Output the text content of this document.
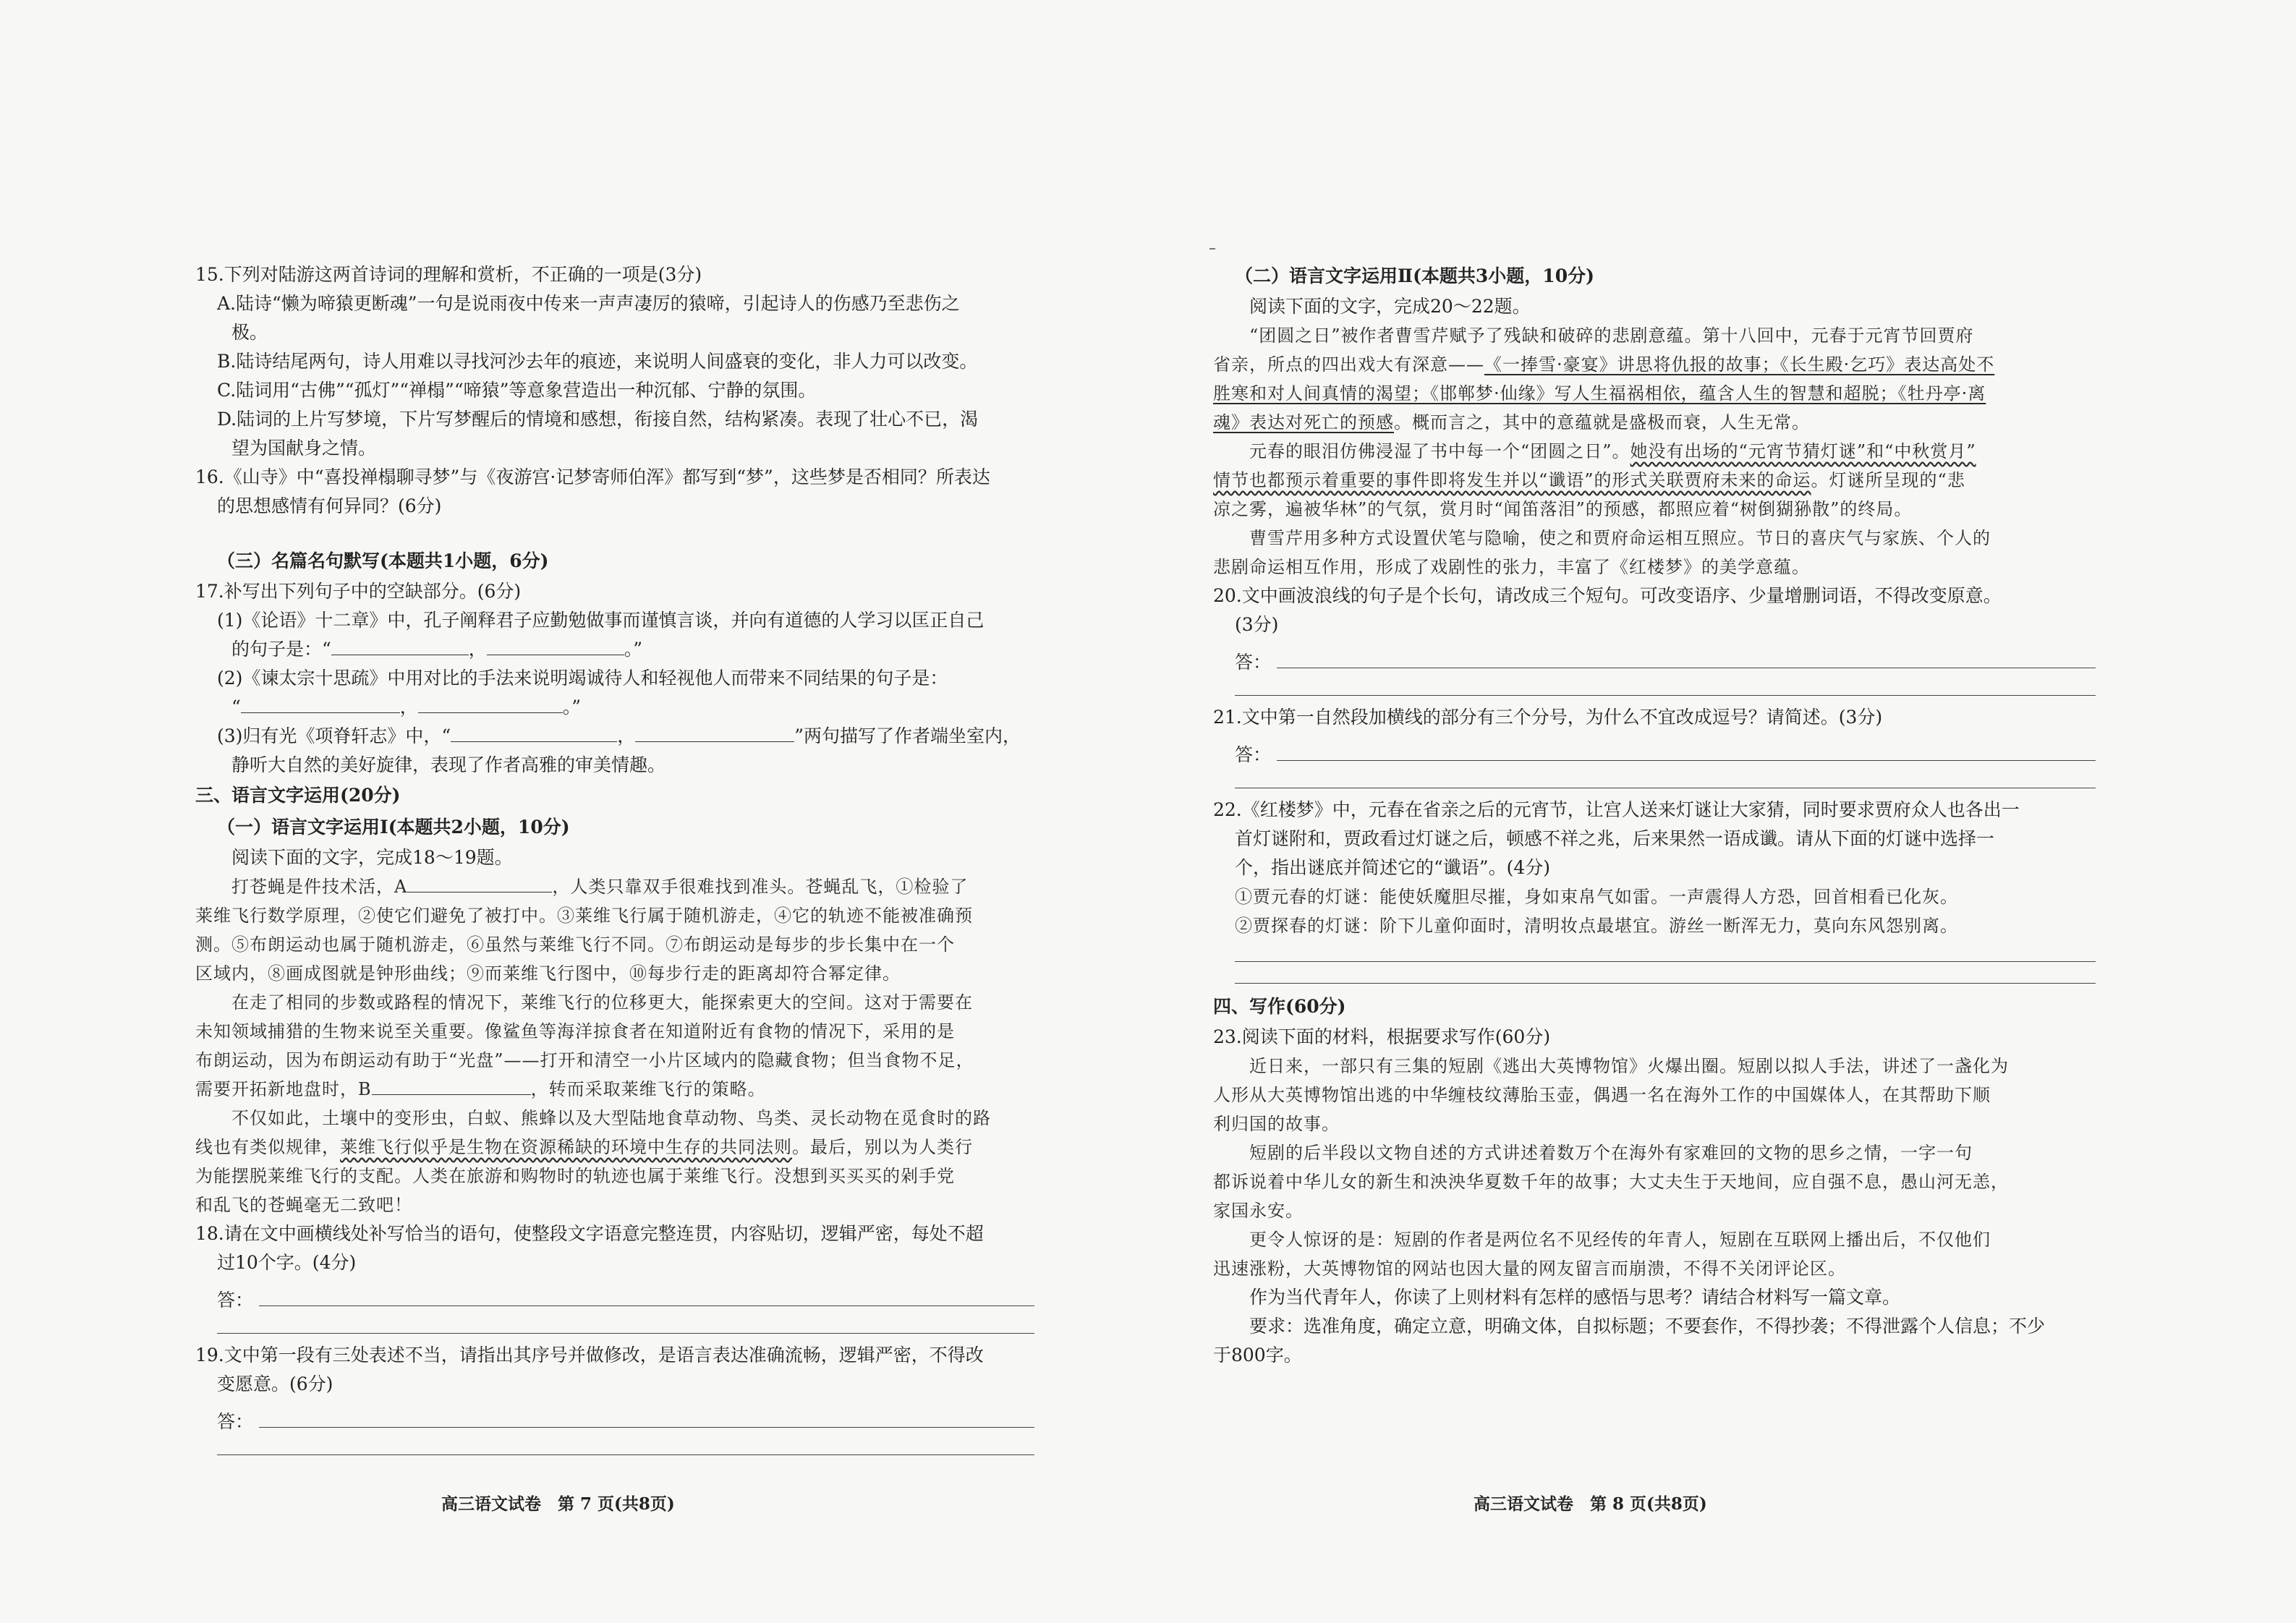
15.下列对陆游这两首诗词的理解和赏析，不正确的一项是(3分)

A.陆诗“懒为啼猿更断魂”一句是说雨夜中传来一声声凄厉的猿啼，引起诗人的伤感乃至悲伤之

极。

B.陆诗结尾两句，诗人用难以寻找河沙去年的痕迹，来说明人间盛衰的变化，非人力可以改变。

C.陆词用“古佛”“孤灯”“禅榻”“啼猿”等意象营造出一种沉郁、宁静的氛围。

D.陆词的上片写梦境，下片写梦醒后的情境和感想，衔接自然，结构紧凑。表现了壮心不已，渴

望为国献身之情。

16.《山寺》中“喜投禅榻聊寻梦”与《夜游宫·记梦寄师伯浑》都写到“梦”，这些梦是否相同？所表达

的思想感情有何异同？(6分)

（三）名篇名句默写(本题共1小题，6分)

17.补写出下列句子中的空缺部分。(6分)

(1)《论语》十二章》中，孔子阐释君子应勤勉做事而谨慎言谈，并向有道德的人学习以匡正自己

的句子是：“	，	。”

(2)《谏太宗十思疏》中用对比的手法来说明竭诚待人和轻视他人而带来不同结果的句子是：

“	，	。”

(3)归有光《项脊轩志》中，“	，	”两句描写了作者端坐室内，

静听大自然的美好旋律，表现了作者高雅的审美情趣。

三、语言文字运用(20分)

（一）语言文字运用Ⅰ(本题共2小题，10分)

阅读下面的文字，完成18～19题。

打苍蝇是件技术活，A	，人类只靠双手很难找到准头。苍蝇乱飞，①检验了

莱维飞行数学原理，②使它们避免了被打中。③莱维飞行属于随机游走，④它的轨迹不能被准确预

测。⑤布朗运动也属于随机游走，⑥虽然与莱维飞行不同。⑦布朗运动是每步的步长集中在一个

区域内，⑧画成图就是钟形曲线；⑨而莱维飞行图中，⑩每步行走的距离却符合幂定律。

在走了相同的步数或路程的情况下，莱维飞行的位移更大，能探索更大的空间。这对于需要在

未知领域捕猎的生物来说至关重要。像鲨鱼等海洋掠食者在知道附近有食物的情况下，采用的是

布朗运动，因为布朗运动有助于“光盘”——打开和清空一小片区域内的隐藏食物；但当食物不足，

需要开拓新地盘时，B	，转而采取莱维飞行的策略。

不仅如此，土壤中的变形虫，白蚁、熊蜂以及大型陆地食草动物、鸟类、灵长动物在觅食时的路

线也有类似规律，莱维飞行似乎是生物在资源稀缺的环境中生存的共同法则。最后，别以为人类行

为能摆脱莱维飞行的支配。人类在旅游和购物时的轨迹也属于莱维飞行。没想到买买买的剁手党

和乱飞的苍蝇毫无二致吧！

18.请在文中画横线处补写恰当的语句，使整段文字语意完整连贯，内容贴切，逻辑严密，每处不超

过10个字。(4分)

答：

19.文中第一段有三处表述不当，请指出其序号并做修改，是语言表达准确流畅，逻辑严密，不得改

变愿意。(6分)

答：
高三语文试卷　第 7 页(共8页)

（二）语言文字运用Ⅱ(本题共3小题，10分)

阅读下面的文字，完成20～22题。

“团圆之日”被作者曹雪芹赋予了残缺和破碎的悲剧意蕴。第十八回中，元春于元宵节回贾府

省亲，所点的四出戏大有深意——《一捧雪·豪宴》讲思将仇报的故事；《长生殿·乞巧》表达高处不

胜寒和对人间真情的渴望；《邯郸梦·仙缘》写人生福祸相依，蕴含人生的智慧和超脱；《牡丹亭·离

魂》表达对死亡的预感。概而言之，其中的意蕴就是盛极而衰，人生无常。

元春的眼泪仿佛浸湿了书中每一个“团圆之日”。她没有出场的“元宵节猜灯谜”和“中秋赏月”

情节也都预示着重要的事件即将发生并以“谶语”的形式关联贾府未来的命运。灯谜所呈现的“悲

凉之雾，遍被华林”的气氛，赏月时“闻笛落泪”的预感，都照应着“树倒猢狲散”的终局。

曹雪芹用多种方式设置伏笔与隐喻，使之和贾府命运相互照应。节日的喜庆气与家族、个人的

悲剧命运相互作用，形成了戏剧性的张力，丰富了《红楼梦》的美学意蕴。

20.文中画波浪线的句子是个长句，请改成三个短句。可改变语序、少量增删词语，不得改变原意。

(3分)

答：

21.文中第一自然段加横线的部分有三个分号，为什么不宜改成逗号？请简述。(3分)

答：

22.《红楼梦》中，元春在省亲之后的元宵节，让宫人送来灯谜让大家猜，同时要求贾府众人也各出一

首灯谜附和，贾政看过灯谜之后，顿感不祥之兆，后来果然一语成谶。请从下面的灯谜中选择一

个，指出谜底并简述它的“谶语”。(4分)

①贾元春的灯谜：能使妖魔胆尽摧，身如束帛气如雷。一声震得人方恐，回首相看已化灰。

②贾探春的灯谜：阶下儿童仰面时，清明妆点最堪宜。游丝一断浑无力，莫向东风怨别离。

四、写作(60分)

23.阅读下面的材料，根据要求写作(60分)

近日来，一部只有三集的短剧《逃出大英博物馆》火爆出圈。短剧以拟人手法，讲述了一盏化为

人形从大英博物馆出逃的中华缠枝纹薄胎玉壶，偶遇一名在海外工作的中国媒体人，在其帮助下顺

利归国的故事。

短剧的后半段以文物自述的方式讲述着数万个在海外有家难回的文物的思乡之情，一字一句

都诉说着中华儿女的新生和泱泱华夏数千年的故事；大丈夫生于天地间，应自强不息，愚山河无恙，

家国永安。

更令人惊讶的是：短剧的作者是两位名不见经传的年青人，短剧在互联网上播出后，不仅他们

迅速涨粉，大英博物馆的网站也因大量的网友留言而崩溃，不得不关闭评论区。

作为当代青年人，你读了上则材料有怎样的感悟与思考？请结合材料写一篇文章。

要求：选准角度，确定立意，明确文体，自拟标题；不要套作，不得抄袭；不得泄露个人信息；不少

于800字。

高三语文试卷　第 8 页(共8页)
